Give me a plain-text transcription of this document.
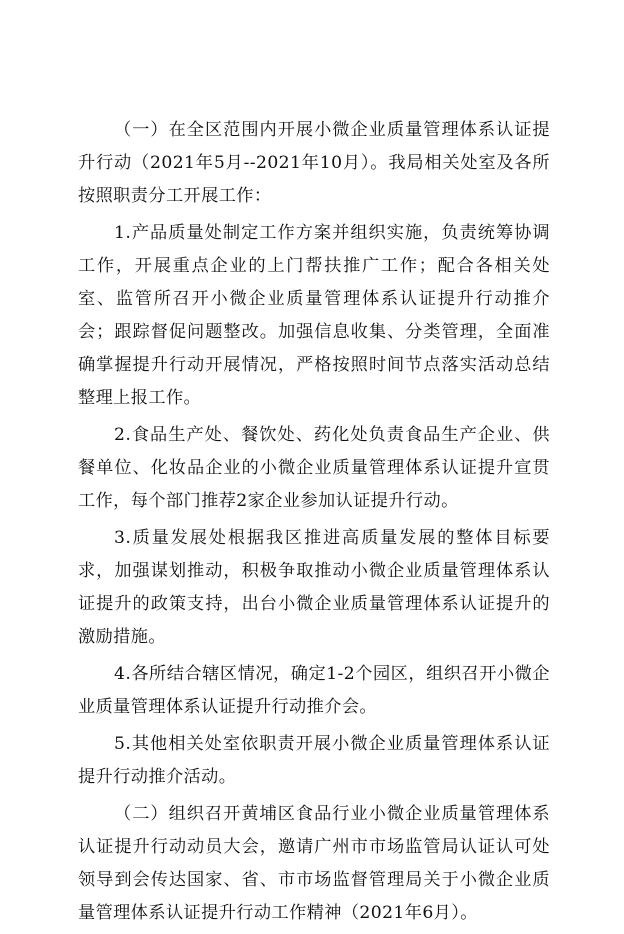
（一）在全区范围内开展小微企业质量管理体系认证提升行动（2021年5月--2021年10月）。我局相关处室及各所按照职责分工开展工作：

1.产品质量处制定工作方案并组织实施，负责统筹协调工作，开展重点企业的上门帮扶推广工作；配合各相关处室、监管所召开小微企业质量管理体系认证提升行动推介会；跟踪督促问题整改。加强信息收集、分类管理，全面准确掌握提升行动开展情况，严格按照时间节点落实活动总结整理上报工作。

2.食品生产处、餐饮处、药化处负责食品生产企业、供餐单位、化妆品企业的小微企业质量管理体系认证提升宣贯工作，每个部门推荐2家企业参加认证提升行动。

3.质量发展处根据我区推进高质量发展的整体目标要求，加强谋划推动，积极争取推动小微企业质量管理体系认证提升的政策支持，出台小微企业质量管理体系认证提升的激励措施。

4.各所结合辖区情况，确定1-2个园区，组织召开小微企业质量管理体系认证提升行动推介会。

5.其他相关处室依职责开展小微企业质量管理体系认证提升行动推介活动。

（二）组织召开黄埔区食品行业小微企业质量管理体系认证提升行动动员大会，邀请广州市市场监管局认证认可处领导到会传达国家、省、市市场监督管理局关于小微企业质量管理体系认证提升行动工作精神（2021年6月）。
